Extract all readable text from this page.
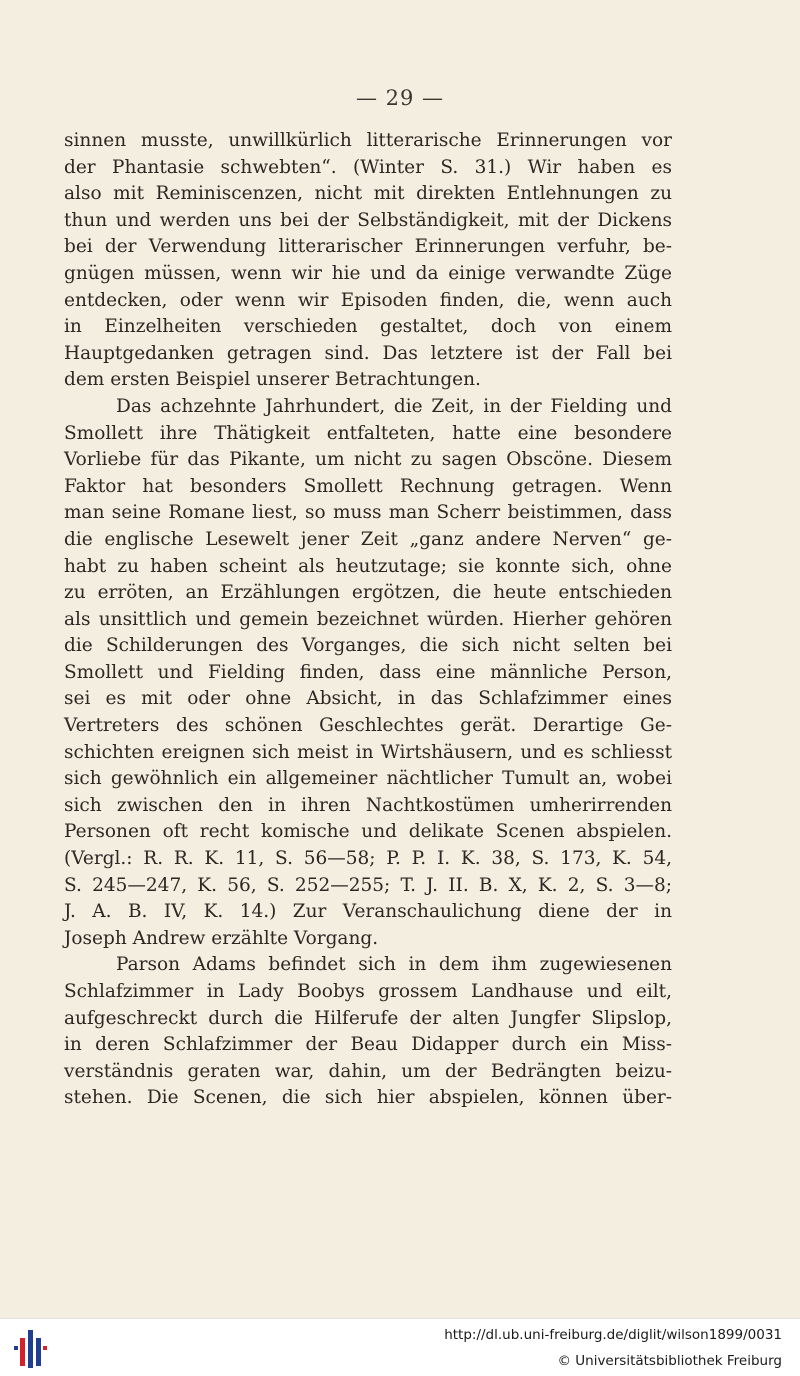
— 29 —
sinnen musste, unwillkürlich litterarische Erinnerungen vor
der Phantasie schwebten“. (Winter S. 31.) Wir haben es
also mit Reminiscenzen, nicht mit direkten Entlehnungen zu
thun und werden uns bei der Selbständigkeit, mit der Dickens
bei der Verwendung litterarischer Erinnerungen verfuhr, be-
gnügen müssen, wenn wir hie und da einige verwandte Züge
entdecken, oder wenn wir Episoden finden, die, wenn auch
in Einzelheiten verschieden gestaltet, doch von einem
Hauptgedanken getragen sind. Das letztere ist der Fall bei
dem ersten Beispiel unserer Betrachtungen.
Das achzehnte Jahrhundert, die Zeit, in der Fielding und
Smollett ihre Thätigkeit entfalteten, hatte eine besondere
Vorliebe für das Pikante, um nicht zu sagen Obscöne. Diesem
Faktor hat besonders Smollett Rechnung getragen. Wenn
man seine Romane liest, so muss man Scherr beistimmen, dass
die englische Lesewelt jener Zeit „ganz andere Nerven“ ge-
habt zu haben scheint als heutzutage; sie konnte sich, ohne
zu erröten, an Erzählungen ergötzen, die heute entschieden
als unsittlich und gemein bezeichnet würden. Hierher gehören
die Schilderungen des Vorganges, die sich nicht selten bei
Smollett und Fielding finden, dass eine männliche Person,
sei es mit oder ohne Absicht, in das Schlafzimmer eines
Vertreters des schönen Geschlechtes gerät. Derartige Ge-
schichten ereignen sich meist in Wirtshäusern, und es schliesst
sich gewöhnlich ein allgemeiner nächtlicher Tumult an, wobei
sich zwischen den in ihren Nachtkostümen umherirrenden
Personen oft recht komische und delikate Scenen abspielen.
(Vergl.: R. R. K. 11, S. 56—58; P. P. I. K. 38, S. 173, K. 54,
S. 245—247, K. 56, S. 252—255; T. J. II. B. X, K. 2, S. 3—8;
J. A. B. IV, K. 14.) Zur Veranschaulichung diene der in
Joseph Andrew erzählte Vorgang.
Parson Adams befindet sich in dem ihm zugewiesenen
Schlafzimmer in Lady Boobys grossem Landhause und eilt,
aufgeschreckt durch die Hilferufe der alten Jungfer Slipslop,
in deren Schlafzimmer der Beau Didapper durch ein Miss-
verständnis geraten war, dahin, um der Bedrängten beizu-
stehen. Die Scenen, die sich hier abspielen, können über-
http://dl.ub.uni-freiburg.de/diglit/wilson1899/0031
© Universitätsbibliothek Freiburg
